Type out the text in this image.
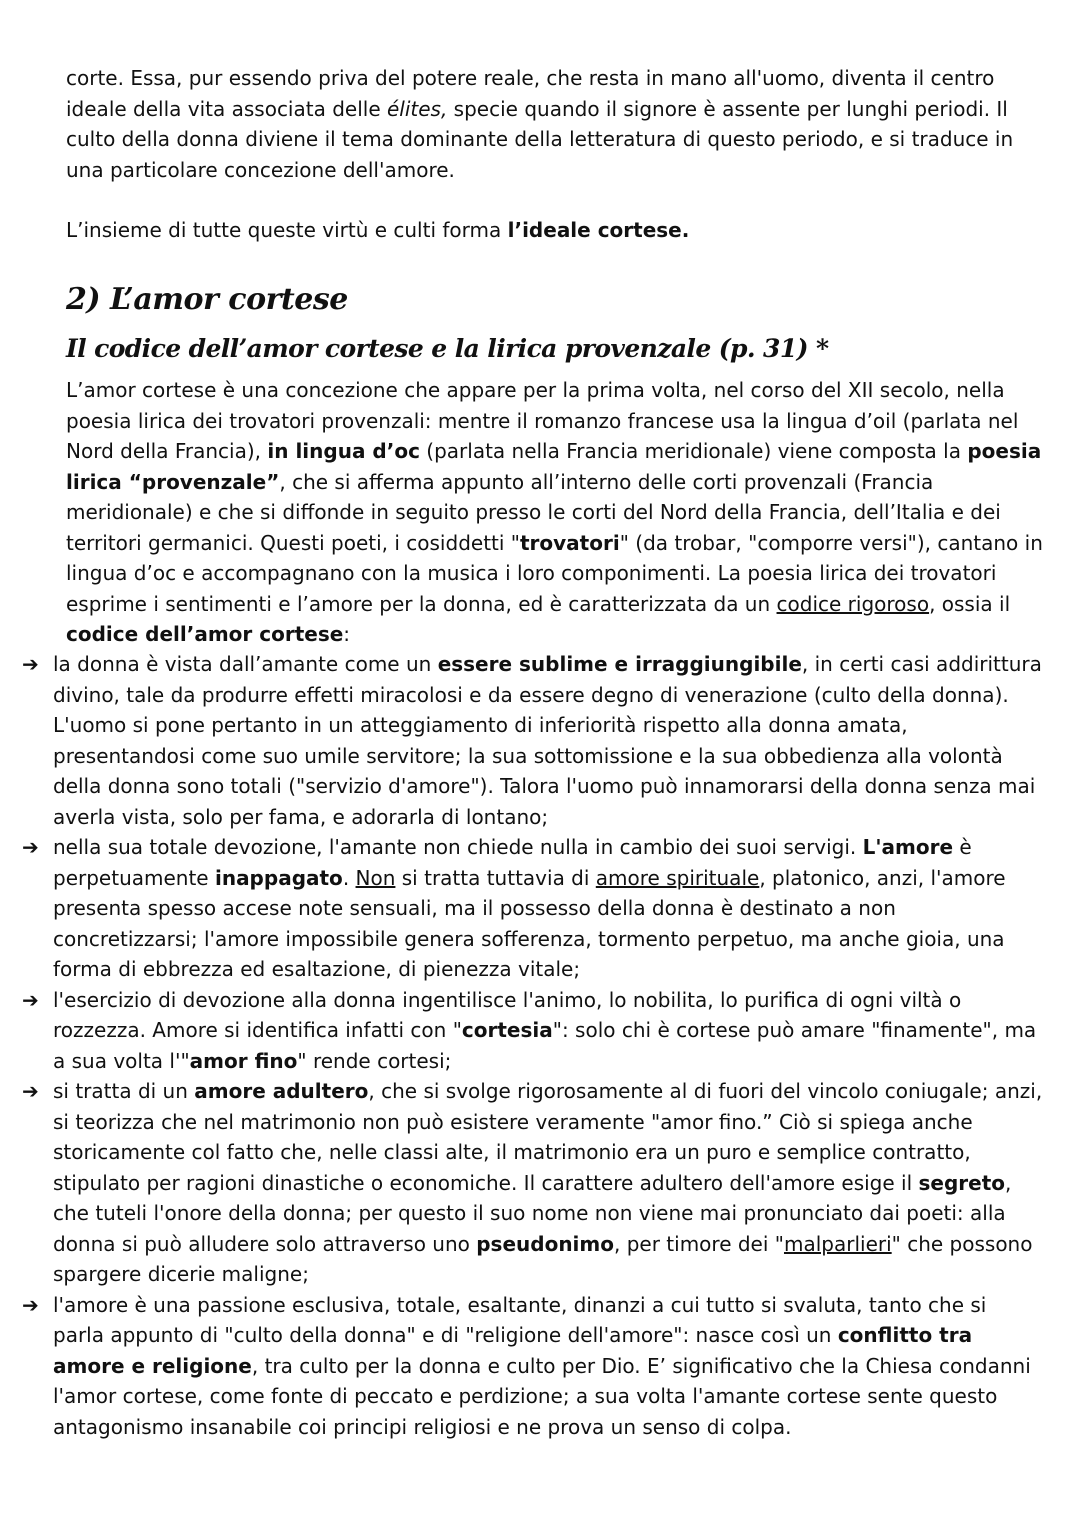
corte. Essa, pur essendo priva del potere reale, che resta in mano all'uomo, diventa il centro ideale della vita associata delle élites, specie quando il signore è assente per lunghi periodi. Il culto della donna diviene il tema dominante della letteratura di questo periodo, e si traduce in una particolare concezione dell'amore.

L’insieme di tutte queste virtù e culti forma l’ideale cortese.

2) L’amor cortese
Il codice dell’amor cortese e la lirica provenzale (p. 31) *

L’amor cortese è una concezione che appare per la prima volta, nel corso del XII secolo, nella poesia lirica dei trovatori provenzali: mentre il romanzo francese usa la lingua d’oil (parlata nel Nord della Francia), in lingua d’oc (parlata nella Francia meridionale) viene composta la poesia lirica “provenzale”, che si afferma appunto all’interno delle corti provenzali (Francia meridionale) e che si diffonde in seguito presso le corti del Nord della Francia, dell’Italia e dei territori germanici. Questi poeti, i cosiddetti "trovatori" (da trobar, "comporre versi"), cantano in lingua d’oc e accompagnano con la musica i loro componimenti. La poesia lirica dei trovatori esprime i sentimenti e l’amore per la donna, ed è caratterizzata da un codice rigoroso, ossia il codice dell’amor cortese:

➔ la donna è vista dall’amante come un essere sublime e irraggiungibile, in certi casi addirittura divino, tale da produrre effetti miracolosi e da essere degno di venerazione (culto della donna). L'uomo si pone pertanto in un atteggiamento di inferiorità rispetto alla donna amata, presentandosi come suo umile servitore; la sua sottomissione e la sua obbedienza alla volontà della donna sono totali ("servizio d'amore"). Talora l'uomo può innamorarsi della donna senza mai averla vista, solo per fama, e adorarla di lontano;
➔ nella sua totale devozione, l'amante non chiede nulla in cambio dei suoi servigi. L'amore è perpetuamente inappagato. Non si tratta tuttavia di amore spirituale, platonico, anzi, l'amore presenta spesso accese note sensuali, ma il possesso della donna è destinato a non concretizzarsi; l'amore impossibile genera sofferenza, tormento perpetuo, ma anche gioia, una forma di ebbrezza ed esaltazione, di pienezza vitale;
➔ l'esercizio di devozione alla donna ingentilisce l'animo, lo nobilita, lo purifica di ogni viltà o rozzezza. Amore si identifica infatti con "cortesia": solo chi è cortese può amare "finamente", ma a sua volta l'"amor fino" rende cortesi;
➔ si tratta di un amore adultero, che si svolge rigorosamente al di fuori del vincolo coniugale; anzi, si teorizza che nel matrimonio non può esistere veramente "amor fino.” Ciò si spiega anche storicamente col fatto che, nelle classi alte, il matrimonio era un puro e semplice contratto, stipulato per ragioni dinastiche o economiche. Il carattere adultero dell'amore esige il segreto, che tuteli l'onore della donna; per questo il suo nome non viene mai pronunciato dai poeti: alla donna si può alludere solo attraverso uno pseudonimo, per timore dei "malparlieri" che possono spargere dicerie maligne;
➔ l'amore è una passione esclusiva, totale, esaltante, dinanzi a cui tutto si svaluta, tanto che si parla appunto di "culto della donna" e di "religione dell'amore": nasce così un conflitto tra amore e religione, tra culto per la donna e culto per Dio. E’ significativo che la Chiesa condanni l'amor cortese, come fonte di peccato e perdizione; a sua volta l'amante cortese sente questo antagonismo insanabile coi principi religiosi e ne prova un senso di colpa.
